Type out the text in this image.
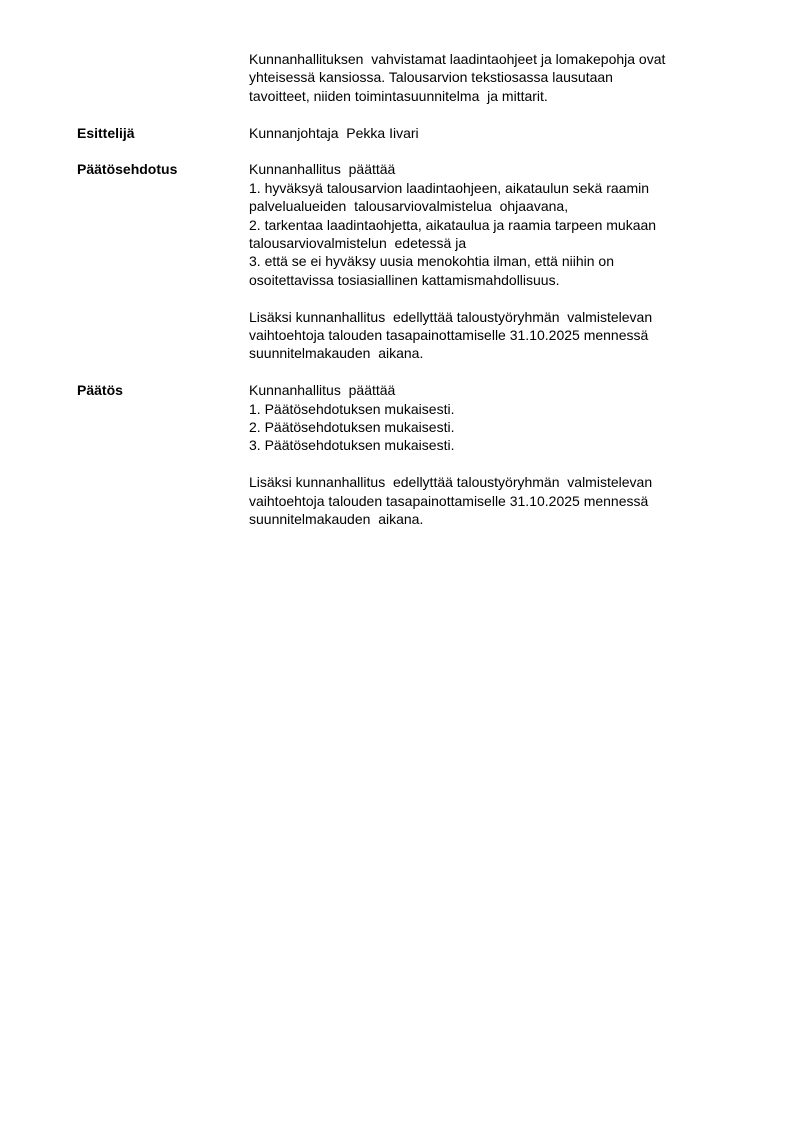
Kunnanhallituksen  vahvistamat laadintaohjeet ja lomakepohja ovat
yhteisessä kansiossa. Talousarvion tekstiosassa lausutaan
tavoitteet, niiden toimintasuunnitelma  ja mittarit.
Esittelijä	Kunnanjohtaja  Pekka Iivari
Päätösehdotus	Kunnanhallitus  päättää
1. hyväksyä talousarvion laadintaohjeen, aikataulun sekä raamin
palvelualueiden  talousarviovalmistelua  ohjaavana,
2. tarkentaa laadintaohjetta, aikataulua ja raamia tarpeen mukaan
talousarviovalmistelun  edetessä ja
3. että se ei hyväksy uusia menokohtia ilman, että niihin on
osoitettavissa tosiasiallinen kattamismahdollisuus.
Lisäksi kunnanhallitus  edellyttää taloustyöryhmän  valmistelevan
vaihtoehtoja talouden tasapainottamiselle 31.10.2025 mennessä
suunnitelmakauden  aikana.
Päätös	Kunnanhallitus  päättää
1. Päätösehdotuksen mukaisesti.
2. Päätösehdotuksen mukaisesti.
3. Päätösehdotuksen mukaisesti.
Lisäksi kunnanhallitus  edellyttää taloustyöryhmän  valmistelevan
vaihtoehtoja talouden tasapainottamiselle 31.10.2025 mennessä
suunnitelmakauden  aikana.
